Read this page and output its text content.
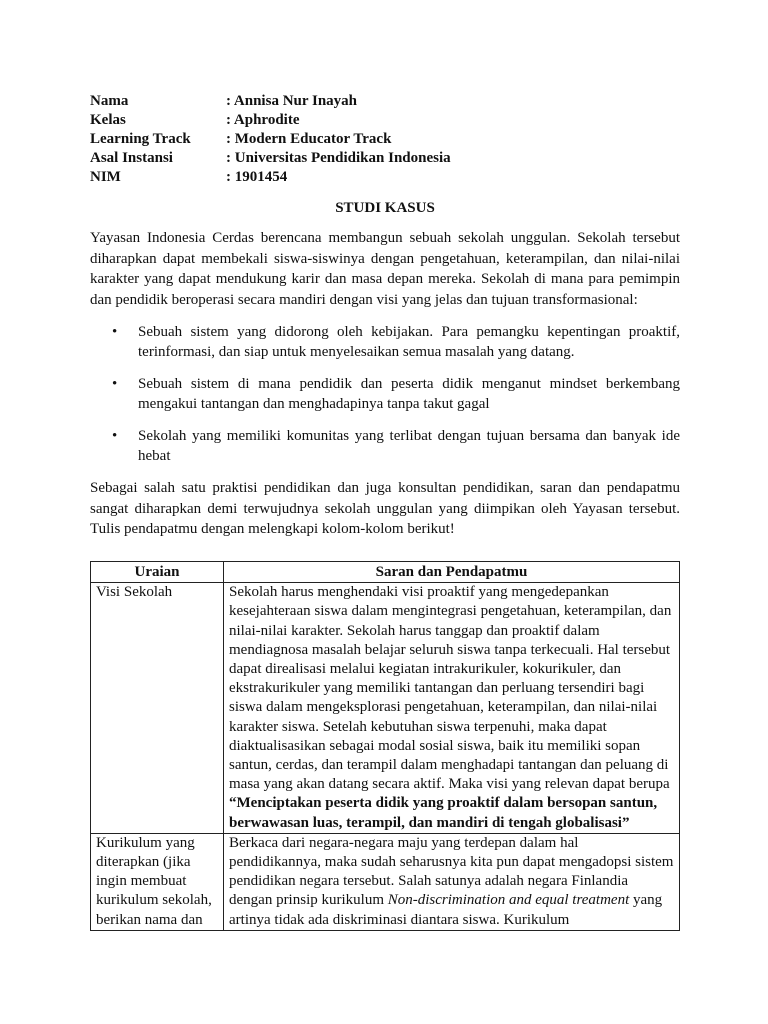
Nama	: Annisa Nur Inayah
Kelas	: Aphrodite
Learning Track	: Modern Educator Track
Asal Instansi	: Universitas Pendidikan Indonesia
NIM	: 1901454
STUDI KASUS

Yayasan Indonesia Cerdas berencana membangun sebuah sekolah unggulan. Sekolah tersebut diharapkan dapat membekali siswa-siswinya dengan pengetahuan, keterampilan, dan nilai-nilai karakter yang dapat mendukung karir dan masa depan mereka. Sekolah di mana para pemimpin dan pendidik beroperasi secara mandiri dengan visi yang jelas dan tujuan transformasional:

• Sebuah sistem yang didorong oleh kebijakan. Para pemangku kepentingan proaktif, terinformasi, dan siap untuk menyelesaikan semua masalah yang datang.
• Sebuah sistem di mana pendidik dan peserta didik menganut mindset berkembang mengakui tantangan dan menghadapinya tanpa takut gagal
• Sekolah yang memiliki komunitas yang terlibat dengan tujuan bersama dan banyak ide hebat

Sebagai salah satu praktisi pendidikan dan juga konsultan pendidikan, saran dan pendapatmu sangat diharapkan demi terwujudnya sekolah unggulan yang diimpikan oleh Yayasan tersebut. Tulis pendapatmu dengan melengkapi kolom-kolom berikut!

Uraian	Saran dan Pendapatmu
Visi Sekolah	Sekolah harus menghendaki visi proaktif yang mengedepankan kesejahteraan siswa dalam mengintegrasi pengetahuan, keterampilan, dan nilai-nilai karakter. Sekolah harus tanggap dan proaktif dalam mendiagnosa masalah belajar seluruh siswa tanpa terkecuali. Hal tersebut dapat direalisasi melalui kegiatan intrakurikuler, kokurikuler, dan ekstrakurikuler yang memiliki tantangan dan perluang tersendiri bagi siswa dalam mengeksplorasi pengetahuan, keterampilan, dan nilai-nilai karakter siswa. Setelah kebutuhan siswa terpenuhi, maka dapat diaktualisasikan sebagai modal sosial siswa, baik itu memiliki sopan santun, cerdas, dan terampil dalam menghadapi tantangan dan peluang di masa yang akan datang secara aktif. Maka visi yang relevan dapat berupa “Menciptakan peserta didik yang proaktif dalam bersopan santun, berwawasan luas, terampil, dan mandiri di tengah globalisasi”

Kurikulum yang diterapkan (jika ingin membuat kurikulum sekolah, berikan nama dan	Berkaca dari negara-negara maju yang terdepan dalam hal pendidikannya, maka sudah seharusnya kita pun dapat mengadopsi sistem pendidikan negara tersebut. Salah satunya adalah negara Finlandia dengan prinsip kurikulum Non-discrimination and equal treatment yang artinya tidak ada diskriminasi diantara siswa. Kurikulum
